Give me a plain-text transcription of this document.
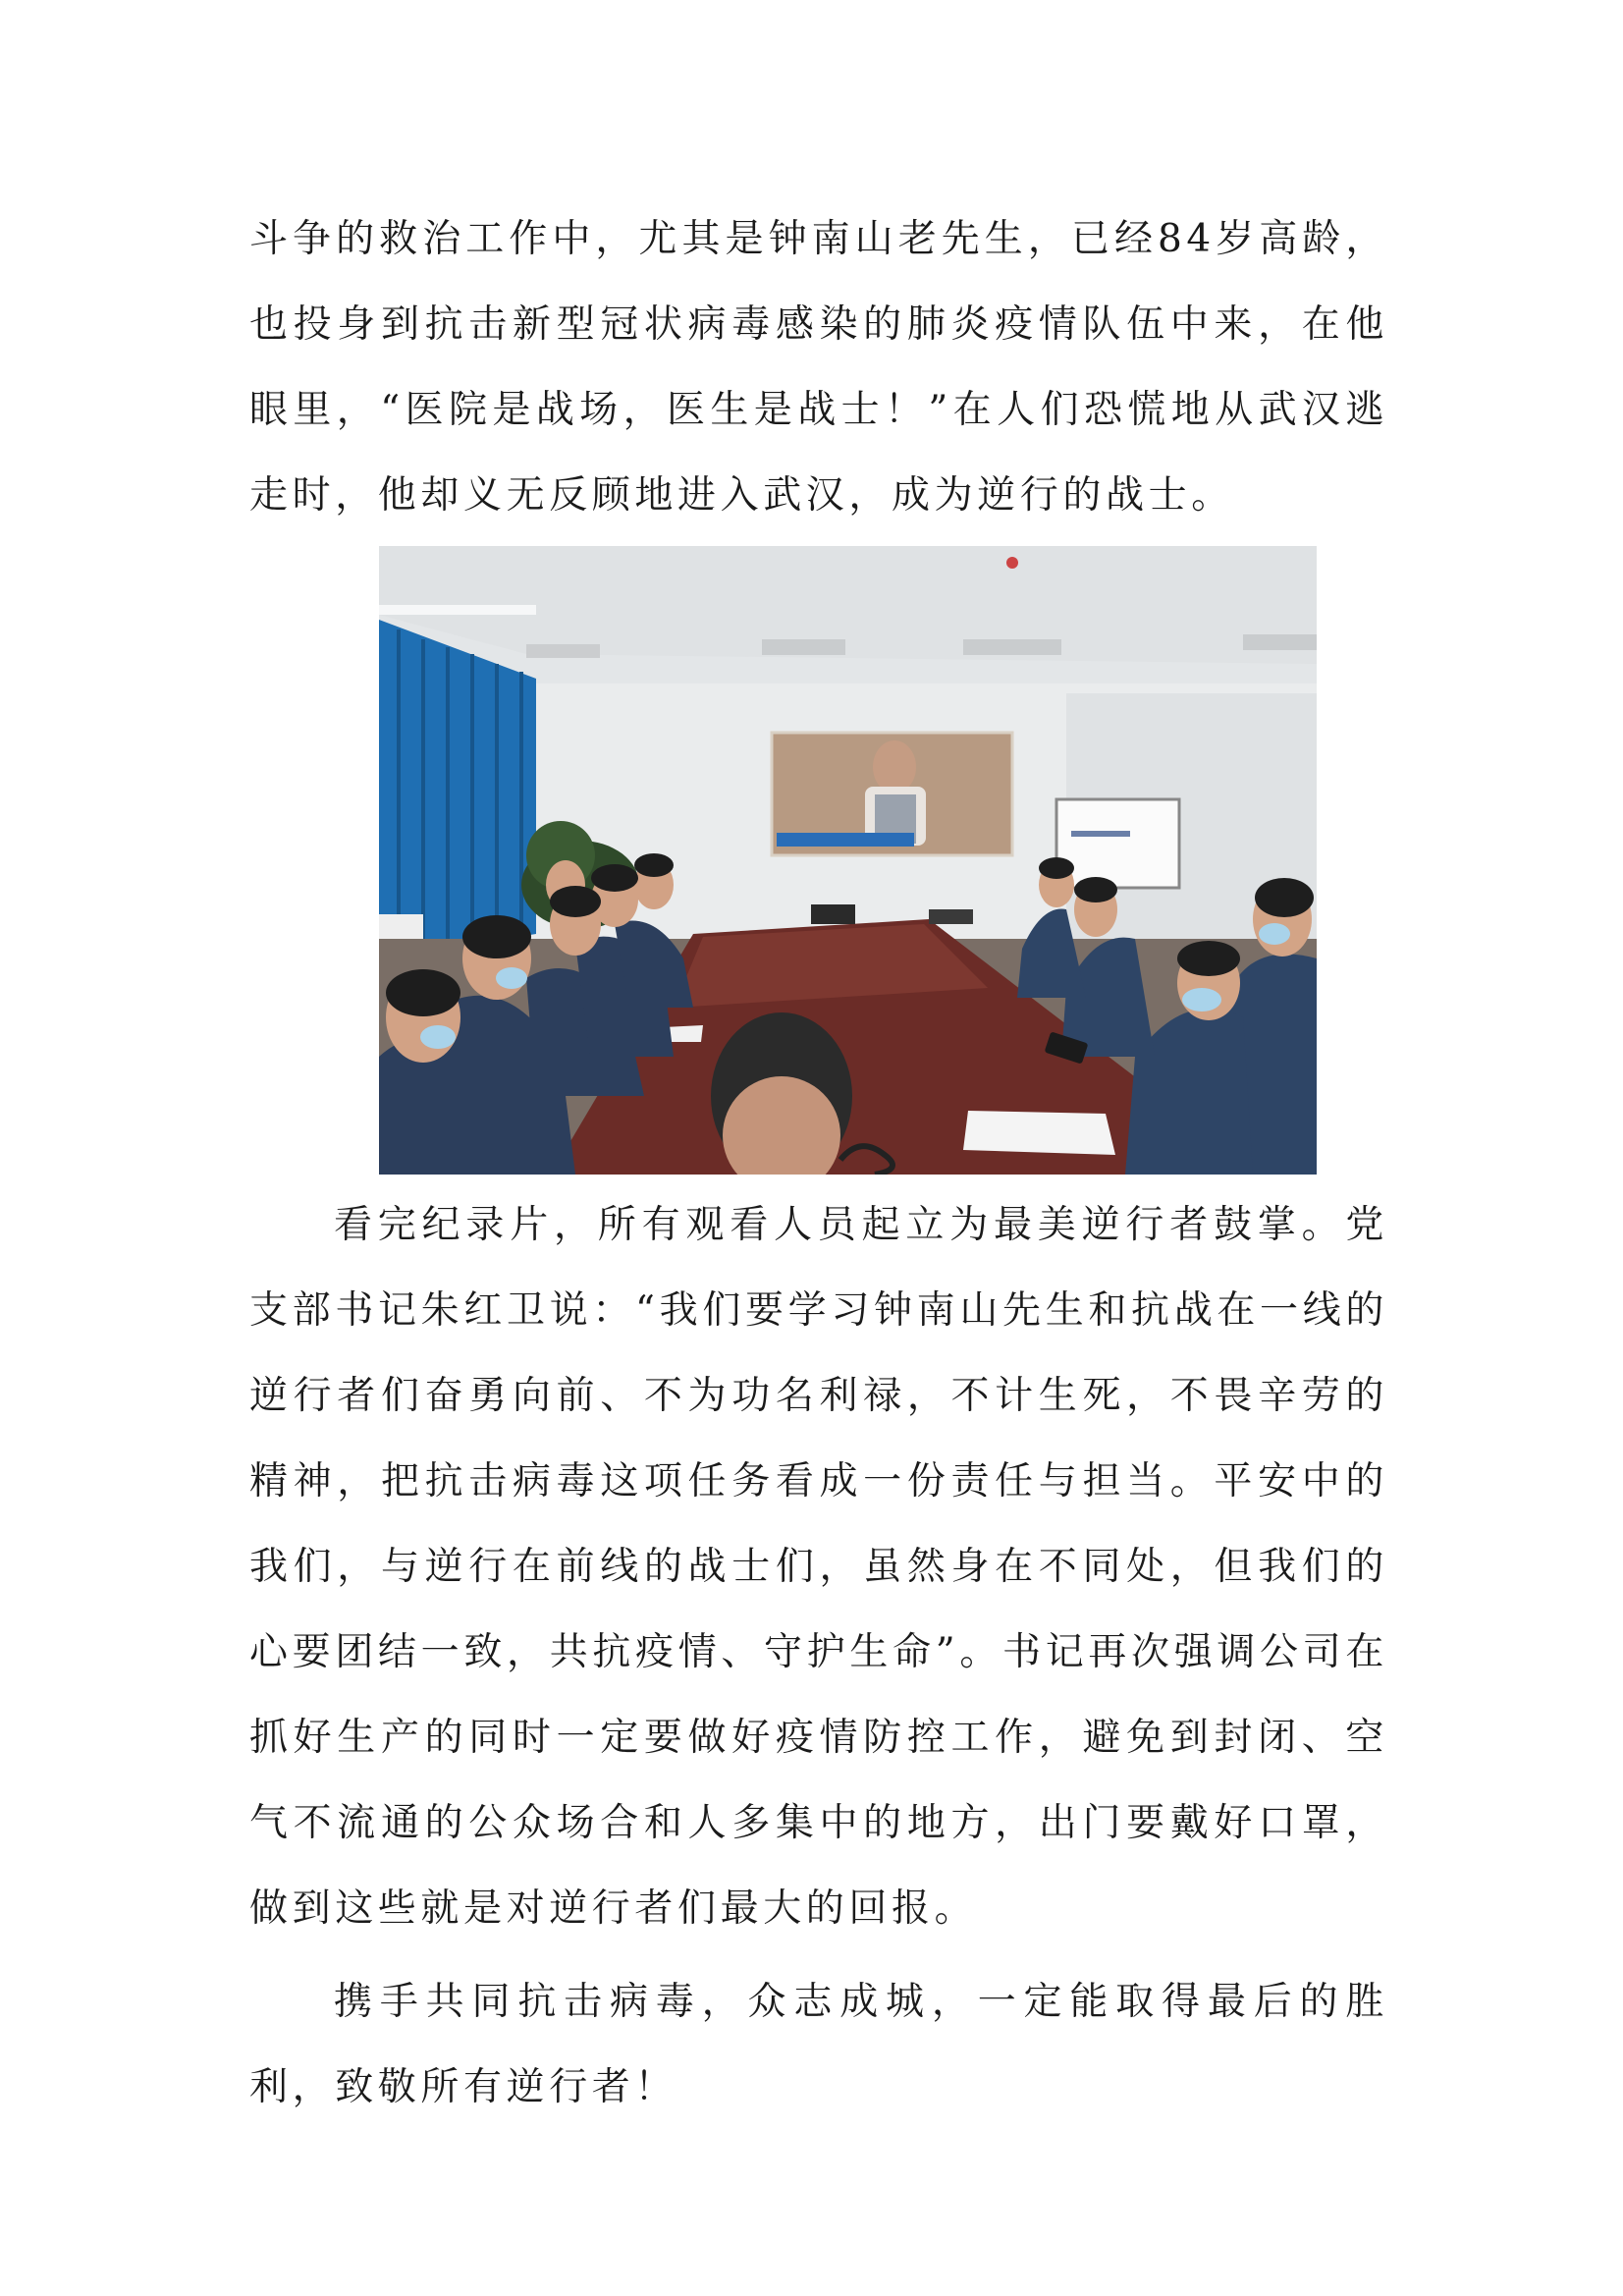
斗争的救治工作中，尤其是钟南山老先生，已经84岁高龄，也投身到抗击新型冠状病毒感染的肺炎疫情队伍中来，在他眼里，“医院是战场，医生是战士！”在人们恐慌地从武汉逃走时，他却义无反顾地进入武汉，成为逆行的战士。

看完纪录片，所有观看人员起立为最美逆行者鼓掌。党支部书记朱红卫说：“我们要学习钟南山先生和抗战在一线的逆行者们奋勇向前、不为功名利禄，不计生死，不畏辛劳的精神，把抗击病毒这项任务看成一份责任与担当。平安中的我们，与逆行在前线的战士们，虽然身在不同处，但我们的心要团结一致，共抗疫情、守护生命”。书记再次强调公司在抓好生产的同时一定要做好疫情防控工作，避免到封闭、空气不流通的公众场合和人多集中的地方，出门要戴好口罩，做到这些就是对逆行者们最大的回报。

携手共同抗击病毒，众志成城，一定能取得最后的胜利，致敬所有逆行者！
